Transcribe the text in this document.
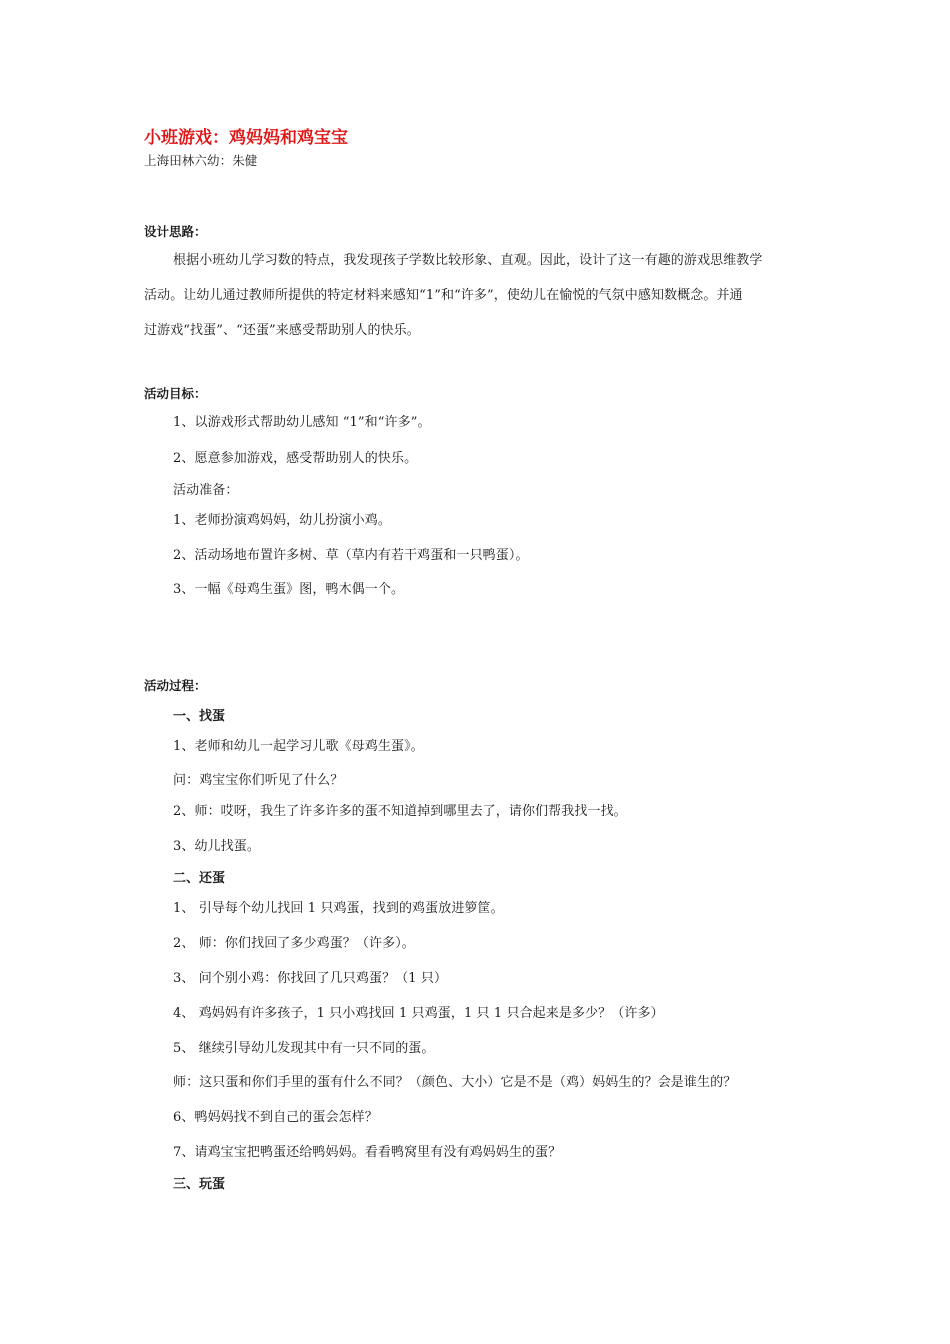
小班游戏：鸡妈妈和鸡宝宝
上海田林六幼：朱健
设计思路：
根据小班幼儿学习数的特点，我发现孩子学数比较形象、直观。因此，设计了这一有趣的游戏思维教学
活动。让幼儿通过教师所提供的特定材料来感知“1”和“许多”，使幼儿在愉悦的气氛中感知数概念。并通
过游戏“找蛋”、“还蛋”来感受帮助别人的快乐。
活动目标：
1、以游戏形式帮助幼儿感知 “1”和“许多”。
2、愿意参加游戏，感受帮助别人的快乐。
活动准备：
1、老师扮演鸡妈妈，幼儿扮演小鸡。
2、活动场地布置许多树、草（草内有若干鸡蛋和一只鸭蛋）。
3、一幅《母鸡生蛋》图，鸭木偶一个。
活动过程：
一、找蛋
1、老师和幼儿一起学习儿歌《母鸡生蛋》。
问：鸡宝宝你们听见了什么？
2、师：哎呀，我生了许多许多的蛋不知道掉到哪里去了，请你们帮我找一找。
3、幼儿找蛋。
二、还蛋
1、 引导每个幼儿找回 1 只鸡蛋，找到的鸡蛋放进箩筐。
2、 师：你们找回了多少鸡蛋？（许多）。
3、 问个别小鸡：你找回了几只鸡蛋？（1 只）
4、 鸡妈妈有许多孩子，1 只小鸡找回 1 只鸡蛋，1 只 1 只合起来是多少？（许多）
5、 继续引导幼儿发现其中有一只不同的蛋。
师：这只蛋和你们手里的蛋有什么不同？（颜色、大小）它是不是（鸡）妈妈生的？会是谁生的？
6、鸭妈妈找不到自己的蛋会怎样？
7、请鸡宝宝把鸭蛋还给鸭妈妈。看看鸭窝里有没有鸡妈妈生的蛋？
三、玩蛋
